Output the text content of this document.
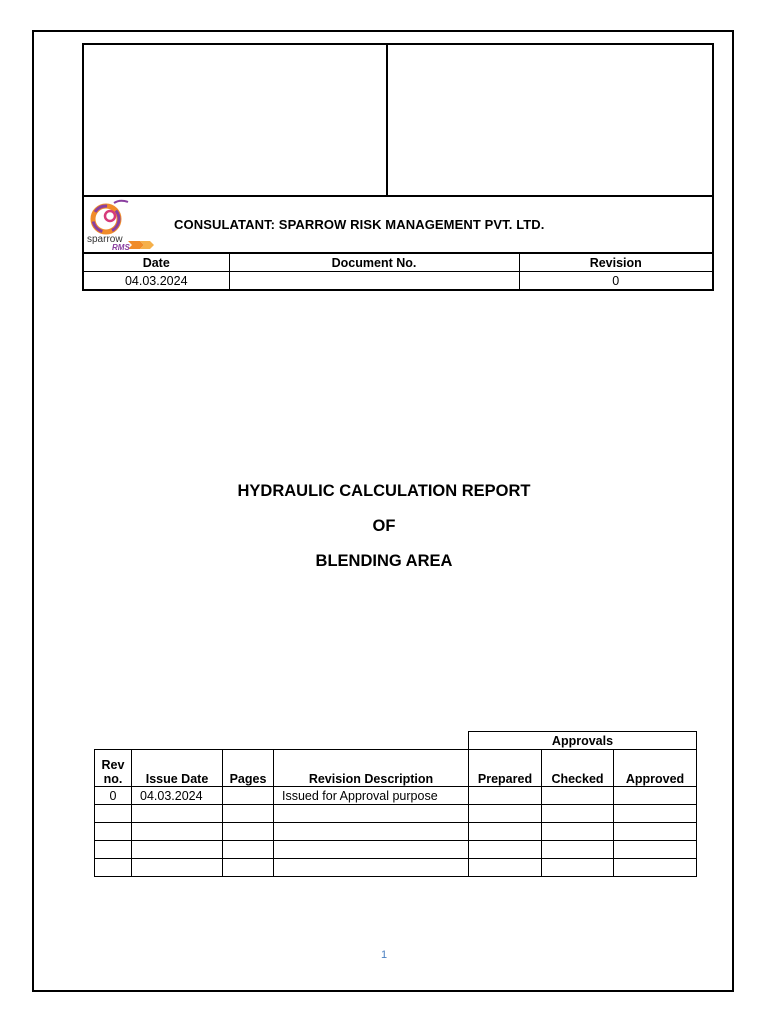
sparrow
RMS
CONSULATANT: SPARROW RISK MANAGEMENT PVT. LTD.
Date	Document No.	Revision
04.03.2024		0
HYDRAULIC CALCULATION REPORT
OF
BLENDING AREA
				Approvals		
Rev
no.	Issue Date	Pages	Revision Description	Prepared	Checked	Approved
0	04.03.2024		Issued for Approval purpose			

1
